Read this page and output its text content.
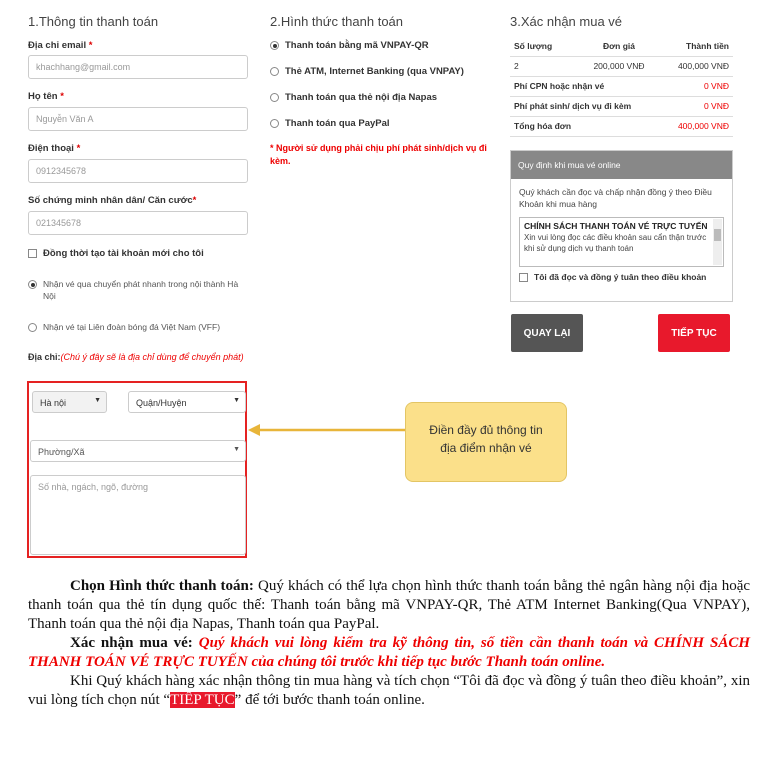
1.Thông tin thanh toán
Địa chỉ email *
khachhang@gmail.com
Họ tên *
Nguyễn Văn A
Điện thoại *
0912345678
Số chứng minh nhân dân/ Căn cước*
021345678
Đồng thời tạo tài khoản mới cho tôi
Nhận vé qua chuyển phát nhanh trong nội thành Hà Nội
Nhận vé tại Liên đoàn bóng đá Việt Nam (VFF)
Địa chỉ:(Chú ý đây sẽ là địa chỉ dùng để chuyển phát)
Hà nội	▼	Quận/Huyện	▼
Phường/Xã	▼
Số nhà, ngách, ngõ, đường
2.Hình thức thanh toán
Thanh toán bằng mã VNPAY-QR
Thẻ ATM, Internet Banking (qua VNPAY)
Thanh toán qua thẻ nội địa Napas
Thanh toán qua PayPal
* Người sử dụng phải chịu phí phát sinh/dịch vụ đi kèm.
3.Xác nhận mua vé
Số lượng	Đơn giá	Thành tiền
2	200,000 VNĐ	400,000 VNĐ
Phí CPN hoặc nhận vé		0 VNĐ
Phí phát sinh/ dịch vụ đi kèm		0 VNĐ
Tổng hóa đơn		400,000 VNĐ
Quy định khi mua vé online
Quý khách cần đọc và chấp nhận đồng ý theo Điều Khoản khi mua hàng
CHÍNH SÁCH THANH TOÁN VÉ TRỰC TUYẾN
Xin vui lòng đọc các điều khoản sau cẩn thận trước khi sử dụng dịch vụ thanh toán
Tôi đã đọc và đồng ý tuân theo điều khoản
QUAY LẠI	TIẾP TỤC
Điền đầy đủ thông tin địa điểm nhận vé

Chọn Hình thức thanh toán: Quý khách có thể lựa chọn hình thức thanh toán bằng thẻ ngân hàng nội địa hoặc thanh toán qua thẻ tín dụng quốc thế: Thanh toán bằng mã VNPAY-QR, Thẻ ATM Internet Banking(Qua VNPAY), Thanh toán qua thẻ nội địa Napas, Thanh toán qua PayPal.

Xác nhận mua vé: Quý khách vui lòng kiểm tra kỹ thông tin, số tiền cần thanh toán và CHÍNH SÁCH THANH TOÁN VÉ TRỰC TUYẾN của chúng tôi trước khi tiếp tục bước Thanh toán online.

Khi Quý khách hàng xác nhận thông tin mua hàng và tích chọn “Tôi đã đọc và đồng ý tuân theo điều khoản”, xin vui lòng tích chọn nút “TIẾP TỤC” để tới bước thanh toán online.
